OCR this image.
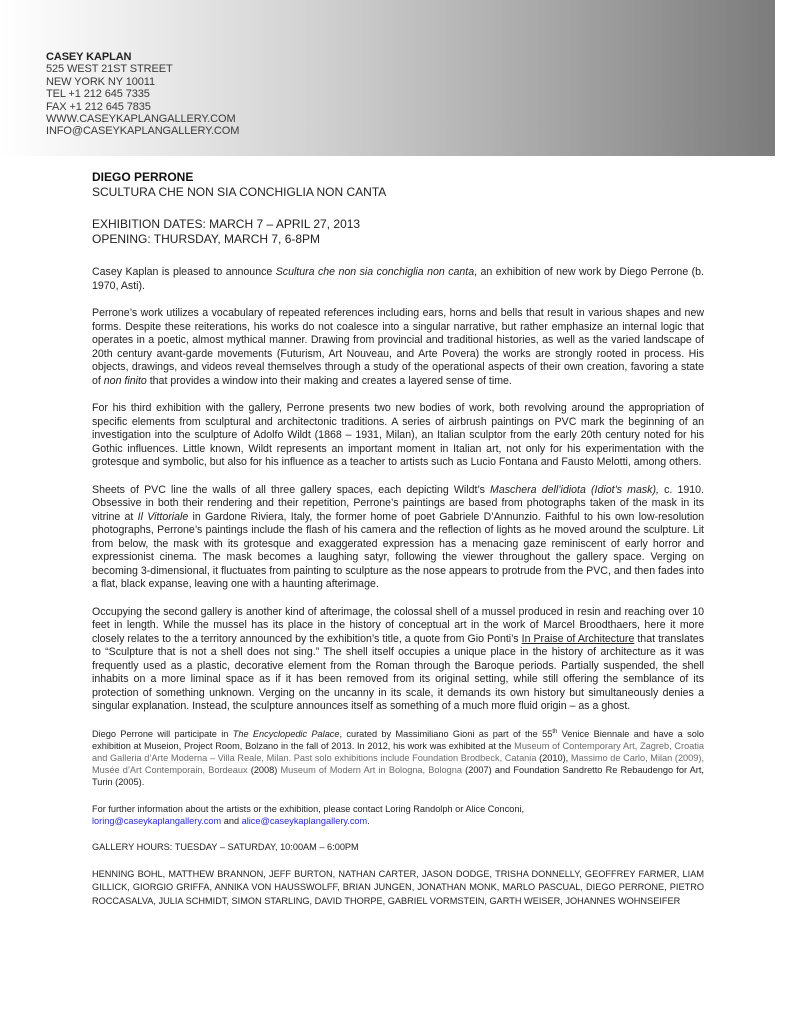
CASEY KAPLAN
525 WEST 21ST STREET
NEW YORK NY 10011
TEL +1 212 645 7335
FAX +1 212 645 7835
WWW.CASEYKAPLANGALLERY.COM
INFO@CASEYKAPLANGALLERY.COM
DIEGO PERRONE
SCULTURA CHE NON SIA CONCHIGLIA NON CANTA
EXHIBITION DATES: MARCH 7 – APRIL 27, 2013
OPENING: THURSDAY, MARCH 7, 6-8PM

Casey Kaplan is pleased to announce Scultura che non sia conchiglia non canta, an exhibition of new work by Diego Perrone (b. 1970, Asti).

Perrone’s work utilizes a vocabulary of repeated references including ears, horns and bells that result in various shapes and new forms. Despite these reiterations, his works do not coalesce into a singular narrative, but rather emphasize an internal logic that operates in a poetic, almost mythical manner. Drawing from provincial and traditional histories, as well as the varied landscape of 20th century avant-garde movements (Futurism, Art Nouveau, and Arte Povera) the works are strongly rooted in process. His objects, drawings, and videos reveal themselves through a study of the operational aspects of their own creation, favoring a state of non finito that provides a window into their making and creates a layered sense of time.

For his third exhibition with the gallery, Perrone presents two new bodies of work, both revolving around the appropriation of specific elements from sculptural and architectonic traditions. A series of airbrush paintings on PVC mark the beginning of an investigation into the sculpture of Adolfo Wildt (1868 – 1931, Milan), an Italian sculptor from the early 20th century noted for his Gothic influences. Little known, Wildt represents an important moment in Italian art, not only for his experimentation with the grotesque and symbolic, but also for his influence as a teacher to artists such as Lucio Fontana and Fausto Melotti, among others.

Sheets of PVC line the walls of all three gallery spaces, each depicting Wildt’s Maschera dell’idiota (Idiot’s mask), c. 1910. Obsessive in both their rendering and their repetition, Perrone’s paintings are based from photographs taken of the mask in its vitrine at Il Vittoriale in Gardone Riviera, Italy, the former home of poet Gabriele D’Annunzio. Faithful to his own low-resolution photographs, Perrone’s paintings include the flash of his camera and the reflection of lights as he moved around the sculpture. Lit from below, the mask with its grotesque and exaggerated expression has a menacing gaze reminiscent of early horror and expressionist cinema. The mask becomes a laughing satyr, following the viewer throughout the gallery space. Verging on becoming 3-dimensional, it fluctuates from painting to sculpture as the nose appears to protrude from the PVC, and then fades into a flat, black expanse, leaving one with a haunting afterimage.

Occupying the second gallery is another kind of afterimage, the colossal shell of a mussel produced in resin and reaching over 10 feet in length. While the mussel has its place in the history of conceptual art in the work of Marcel Broodthaers, here it more closely relates to the a territory announced by the exhibition’s title, a quote from Gio Ponti’s In Praise of Architecture that translates to “Sculpture that is not a shell does not sing.” The shell itself occupies a unique place in the history of architecture as it was frequently used as a plastic, decorative element from the Roman through the Baroque periods. Partially suspended, the shell inhabits on a more liminal space as if it has been removed from its original setting, while still offering the semblance of its protection of something unknown. Verging on the uncanny in its scale, it demands its own history but simultaneously denies a singular explanation. Instead, the sculpture announces itself as something of a much more fluid origin – as a ghost.

Diego Perrone will participate in The Encyclopedic Palace, curated by Massimiliano Gioni as part of the 55th Venice Biennale and have a solo exhibition at Museion, Project Room, Bolzano in the fall of 2013. In 2012, his work was exhibited at the Museum of Contemporary Art, Zagreb, Croatia and Galleria d’Arte Moderna – Villa Reale, Milan. Past solo exhibitions include Foundation Brodbeck, Catania (2010), Massimo de Carlo, Milan (2009), Musée d’Art Contemporain, Bordeaux (2008) Museum of Modern Art in Bologna, Bologna (2007) and Foundation Sandretto Re Rebaudengo for Art, Turin (2005).

For further information about the artists or the exhibition, please contact Loring Randolph or Alice Conconi,
loring@caseykaplangallery.com and alice@caseykaplangallery.com.

GALLERY HOURS: TUESDAY – SATURDAY, 10:00AM – 6:00PM

HENNING BOHL, MATTHEW BRANNON, JEFF BURTON, NATHAN CARTER, JASON DODGE, TRISHA DONNELLY, GEOFFREY FARMER, LIAM GILLICK, GIORGIO GRIFFA, ANNIKA VON HAUSSWOLFF, BRIAN JUNGEN, JONATHAN MONK, MARLO PASCUAL, DIEGO PERRONE, PIETRO ROCCASALVA, JULIA SCHMIDT, SIMON STARLING, DAVID THORPE, GABRIEL VORMSTEIN, GARTH WEISER, JOHANNES WOHNSEIFER
